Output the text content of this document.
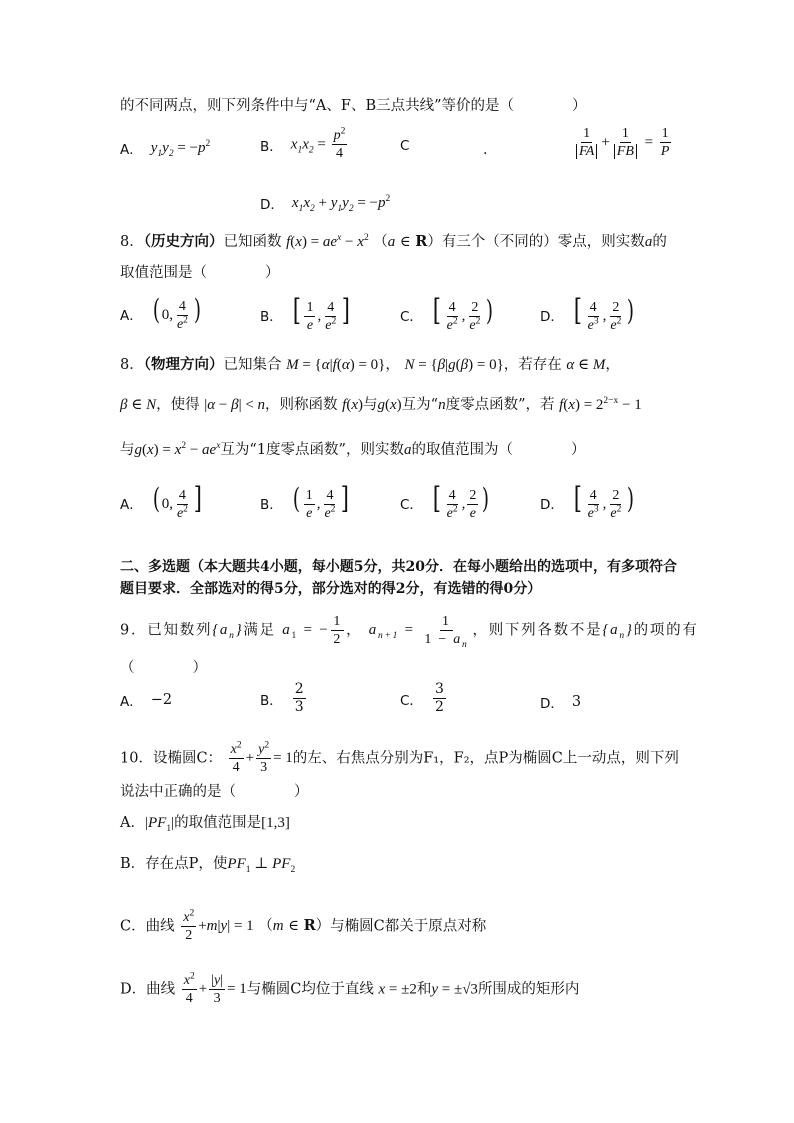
的不同两点，则下列条件中与“A、F、B三点共线”等价的是（　　　　）
A． $y_1y_2 = -p^2$	B． $x_1x_2 = \frac{p^2}{4}$	C	．	$\frac{1}{FA} + \frac{1}{FB} = \frac{1}{P}$
D． $x_1x_2 + y_1y_2 = -p^2$
8．（历史方向）已知函数 $f(x) = ae^x - x^2$ （a ∈ R）有三个（不同的）零点，则实数a的
取值范围是（　　　　）
A． ( 0, $\frac{4}{e^2}$ )	B． [ $\frac{1}{e}$ , $\frac{4}{e^2}$ ]	C． [ $\frac{4}{e^2}$ , $\frac{2}{e^2}$ )	D． [ $\frac{4}{e^3}$ , $\frac{2}{e^2}$ )
8．（物理方向）已知集合 M = {α|f(α) = 0}， N = {β|g(β) = 0}，若存在 α ∈ M，
β ∈ N，使得 |α − β| < n，则称函数 f(x)与g(x)互为“n度零点函数”，若 $f(x) = 2^{2-x} - 1$
与$g(x) = x^2 - ae^x$互为“1度零点函数”，则实数a的取值范围为（　　　　）
A． ( 0, $\frac{4}{e^2}$ ]	B． ( $\frac{1}{e}$ , $\frac{4}{e^2}$ ]	C． [ $\frac{4}{e^2}$ , $\frac{2}{e}$ )	D． [ $\frac{4}{e^3}$ , $\frac{2}{e^2}$ )
二、多选题（本大题共4小题，每小题5分，共20分．在每小题给出的选项中，有多项符合题目要求．全部选对的得5分，部分选对的得2分，有选错的得0分）
9．已知数列$\{a_n\}$满足 $a_1$ = − $\frac{1}{2}$ ， $a_{n+1} = \frac{1}{1 - a_n}$ ，则下列各数不是$\{a_n\}$的项的有
（　　　　）
A． −2	B． $\frac{2}{3}$	C． $\frac{3}{2}$	D． 3
10．设椭圆C： $\frac{x^2}{4} + \frac{y^2}{3} = 1$的左、右焦点分别为F₁，F₂，点P为椭圆C上一动点，则下列
说法中正确的是（　　　　）
A．$|PF_1|$的取值范围是[1,3]
B．存在点P，使$PF_1$ ⊥ $PF_2$
C．曲线 $\frac{x^2}{2} +m|y| = 1$ （m ∈ R）与椭圆C都关于原点对称
D．曲线 $\frac{x^2}{4} + \frac{|y|}{3} = 1$与椭圆C均位于直线 x = ±2和y = ±√3所围成的矩形内
